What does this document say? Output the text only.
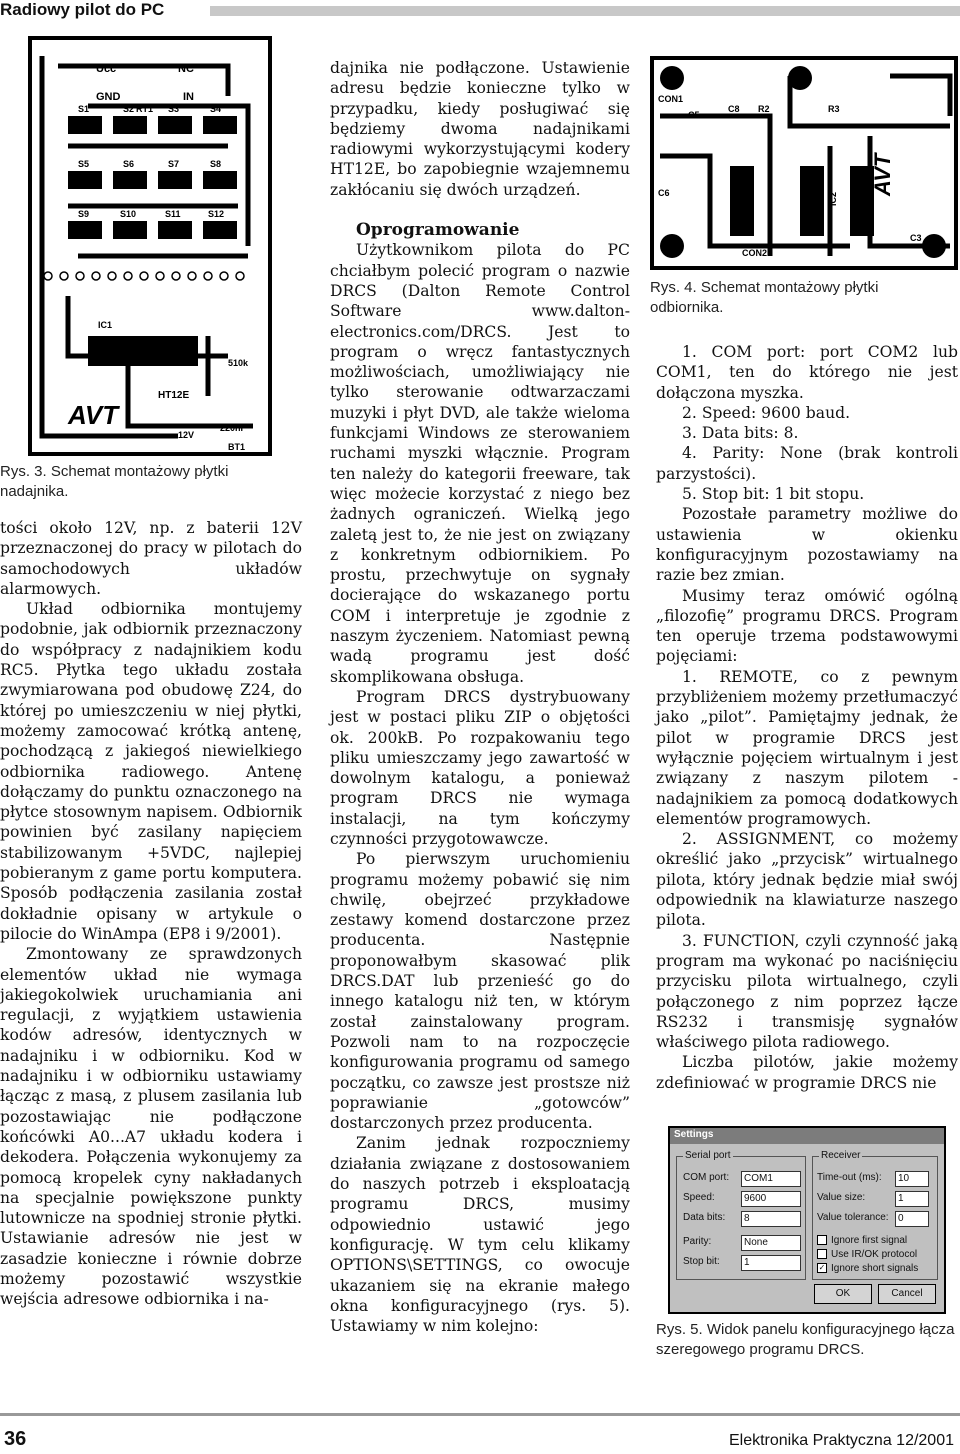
Radiowy pilot do PC
Ucc	NC
GND	IN
RT1
S1	S2	S3	S4
S5	S6	S7	S8
S9	S10	S11	S12
IC1
HT12E
510k
220nF
12V
BT1
AVT
Rys. 3. Schemat montażowy płytki nadajnika.
CON1
C5
C8 R2	R3
C6
CON2
C3
IC2
HT12D
MAX232	AVT
Rys. 4. Schemat montażowy płytki odbiornika.

tości około 12V, np. z baterii 12V przeznaczonej do pracy w pilotach do samochodowych układów alarmowych.

Układ odbiornika montujemy podobnie, jak odbiornik przeznaczony do współpracy z nadajnikiem kodu RC5. Płytka tego układu została zwymiarowana pod obudowę Z24, do której po umieszczeniu w niej płytki, możemy zamocować krótką antenę, pochodzącą z jakiegoś niewielkiego odbiornika radiowego. Antenę dołączamy do punktu oznaczonego na płytce stosownym napisem. Odbiornik powinien być zasilany napięciem stabilizowanym +5VDC, najlepiej pobieranym z game portu komputera. Sposób podłączenia zasilania został dokładnie opisany w artykule o pilocie do WinAmpa (EP8 i 9/2001).

Zmontowany ze sprawdzonych elementów układ nie wymaga jakiegokolwiek uruchamiania ani regulacji, z wyjątkiem ustawienia kodów adresów, identycznych w nadajniku i w odbiorniku. Kod w nadajniku i w odbiorniku ustawiamy łącząc z masą, z plusem zasilania lub pozostawiając nie podłączone końcówki A0...A7 układu kodera i dekodera. Połączenia wykonujemy za pomocą kropelek cyny nakładanych na specjalnie powiększone punkty lutownicze na spodniej stronie płytki. Ustawianie adresów nie jest w zasadzie konieczne i równie dobrze możemy pozostawić wszystkie wejścia adresowe odbiornika i na-

dajnika nie podłączone. Ustawienie adresu będzie konieczne tylko w przypadku, kiedy posługiwać się będziemy dwoma nadajnikami radiowymi wykorzystującymi kodery HT12E, bo zapobiegnie wzajemnemu zakłócaniu się dwóch urządzeń.

Oprogramowanie

Użytkownikom pilota do PC chciałbym polecić program o nazwie DRCS (Dalton Remote Control Software www.dalton-electronics.com/DRCS. Jest to program o wręcz fantastycznych możliwościach, umożliwiający nie tylko sterowanie odtwarzaczami muzyki i płyt DVD, ale także wieloma funkcjami Windows ze sterowaniem ruchami myszki włącznie. Program ten należy do kategorii freeware, tak więc możecie korzystać z niego bez żadnych ograniczeń. Wielką jego zaletą jest to, że nie jest on związany z konkretnym odbiornikiem. Po prostu, przechwytuje on sygnały docierające do wskazanego portu COM i interpretuje je zgodnie z naszym życzeniem. Natomiast pewną wadą programu jest dość skomplikowana obsługa.

Program DRCS dystrybuowany jest w postaci pliku ZIP o objętości ok. 200kB. Po rozpakowaniu tego pliku umieszczamy jego zawartość w dowolnym katalogu, a ponieważ program DRCS nie wymaga instalacji, na tym kończymy czynności przygotowawcze.

Po pierwszym uruchomieniu programu możemy pobawić się nim chwilę, obejrzeć przykładowe zestawy komend dostarczone przez producenta. Następnie proponowałbym skasować plik DRCS.DAT lub przenieść go do innego katalogu niż ten, w którym został zainstalowany program. Pozwoli nam to na rozpoczęcie konfigurowania programu od samego początku, co zawsze jest prostsze niż poprawianie „gotowców” dostarczonych przez producenta.

Zanim jednak rozpoczniemy działania związane z dostosowaniem do naszych potrzeb i eksploatacją programu DRCS, musimy odpowiednio ustawić jego konfigurację. W tym celu klikamy OPTIONS\SETTINGS, co owocuje ukazaniem się na ekranie małego okna konfiguracyjnego (rys. 5). Ustawiamy w nim kolejno:

1. COM port: port COM2 lub COM1, ten do którego nie jest dołączona myszka.

2. Speed: 9600 baud.

3. Data bits: 8.

4. Parity: None (brak kontroli parzystości).

5. Stop bit: 1 bit stopu.

Pozostałe parametry możliwe do ustawienia w okienku konfiguracyjnym pozostawiamy na razie bez zmian.

Musimy teraz omówić ogólną „filozofię” programu DRCS. Program ten operuje trzema podstawowymi pojęciami:

1. REMOTE, co z pewnym przybliżeniem możemy przetłumaczyć jako „pilot”. Pamiętajmy jednak, że pilot w programie DRCS jest wyłącznie pojęciem wirtualnym i jest związany z naszym pilotem - nadajnikiem za pomocą dodatkowych elementów programowych.

2. ASSIGNMENT, co możemy określić jako „przycisk” wirtualnego pilota, który jednak będzie miał swój odpowiednik na klawiaturze naszego pilota.

3. FUNCTION, czyli czynność jaką program ma wykonać po naciśnięciu przycisku pilota wirtualnego, czyli połączonego z nim poprzez łącze RS232 i transmisję sygnałów właściwego pilota radiowego.

Liczba pilotów, jakie możemy zdefiniować w programie DRCS nie

Settings
Serial port
COM port:	COM1
Speed:	9600
Data bits:	8
Parity:	None
Stop bit:	1
Receiver
Time-out (ms):	10
Value size:	1
Value tolerance: 0
Ignore first signal
Use IR/OK protocol
✓ Ignore short signals
OK	Cancel
Rys. 5. Widok panelu konfiguracyjnego łącza szeregowego programu DRCS.
36	Elektronika Praktyczna 12/2001
